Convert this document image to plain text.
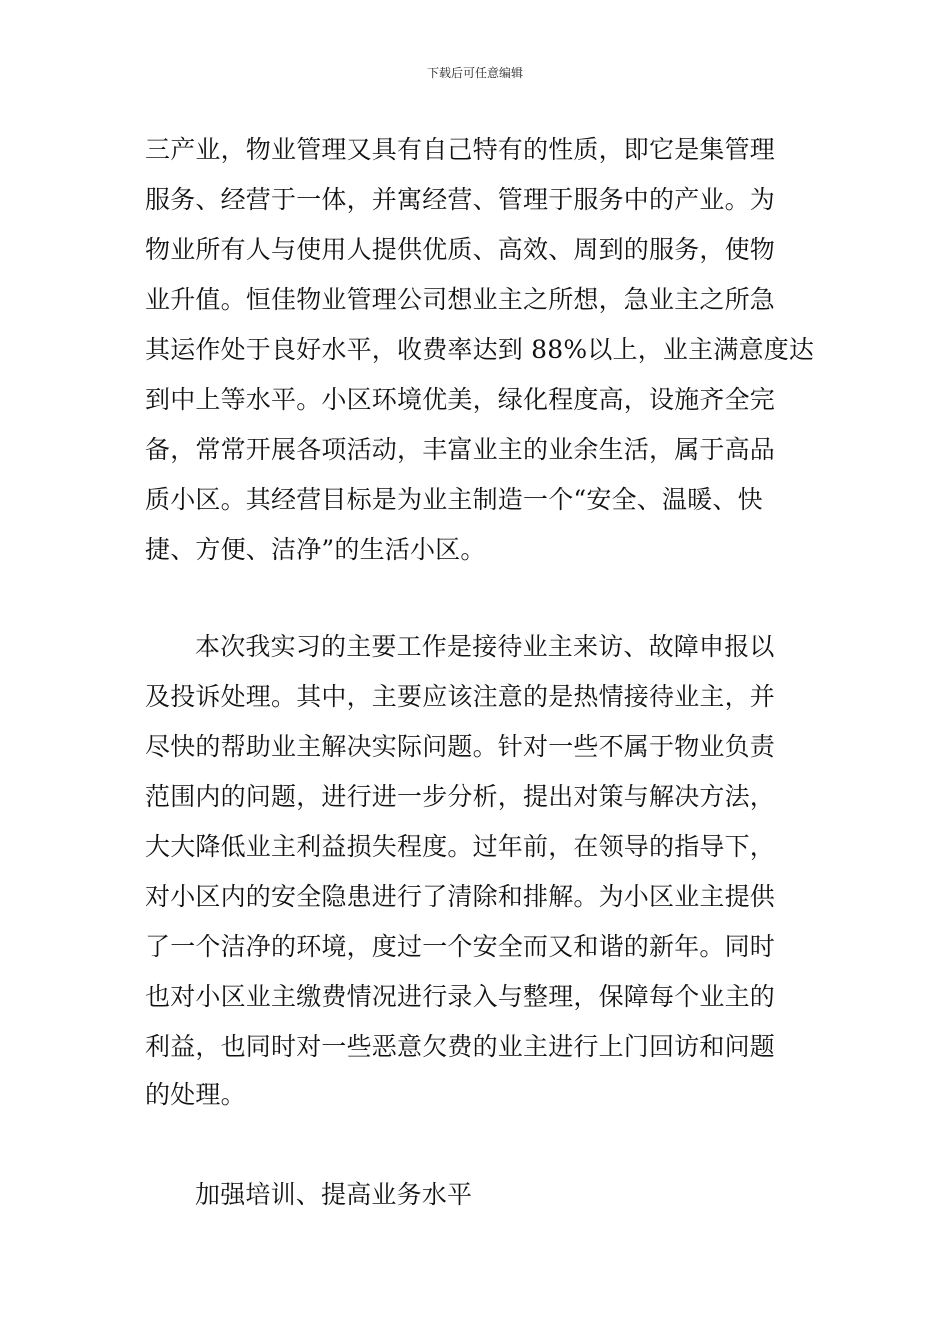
下载后可任意编辑
三产业，物业管理又具有自己特有的性质，即它是集管理
服务、经营于一体，并寓经营、管理于服务中的产业。为
物业所有人与使用人提供优质、高效、周到的服务，使物
业升值。恒佳物业管理公司想业主之所想，急业主之所急
其运作处于良好水平，收费率达到 88%以上，业主满意度达
到中上等水平。小区环境优美，绿化程度高，设施齐全完
备，常常开展各项活动，丰富业主的业余生活，属于高品
质小区。其经营目标是为业主制造一个“安全、温暖、快
捷、方便、洁净”的生活小区。
本次我实习的主要工作是接待业主来访、故障申报以
及投诉处理。其中，主要应该注意的是热情接待业主，并
尽快的帮助业主解决实际问题。针对一些不属于物业负责
范围内的问题，进行进一步分析，提出对策与解决方法，
大大降低业主利益损失程度。过年前，在领导的指导下，
对小区内的安全隐患进行了清除和排解。为小区业主提供
了一个洁净的环境，度过一个安全而又和谐的新年。同时
也对小区业主缴费情况进行录入与整理，保障每个业主的
利益，也同时对一些恶意欠费的业主进行上门回访和问题
的处理。
加强培训、提高业务水平
